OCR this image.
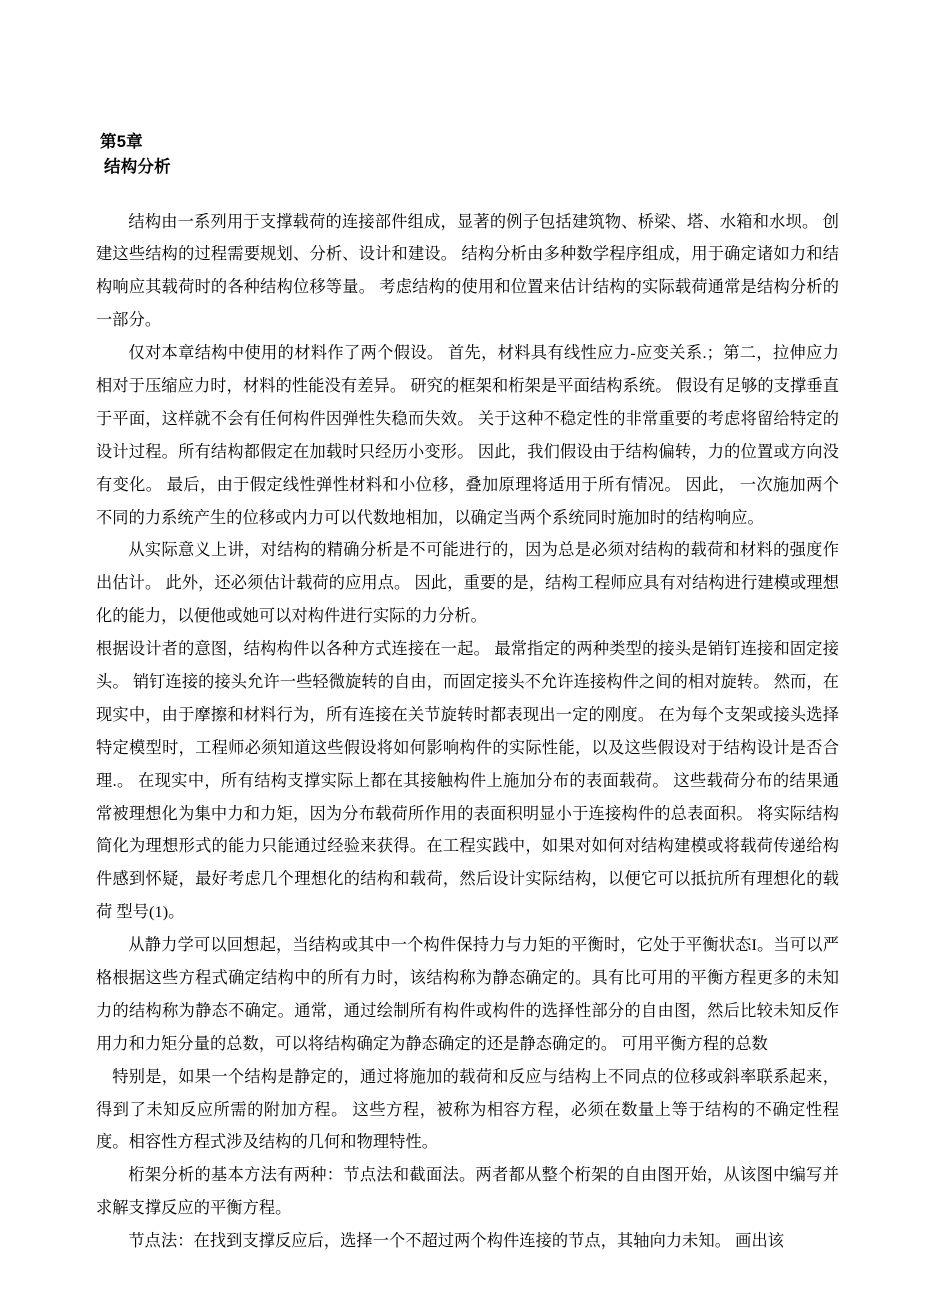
第5章
结构分析

结构由一系列用于支撑载荷的连接部件组成，显著的例子包括建筑物、桥梁、塔、水箱和水坝。 创建这些结构的过程需要规划、分析、设计和建设。 结构分析由多种数学程序组成，用于确定诸如力和结构响应其载荷时的各种结构位移等量。 考虑结构的使用和位置来估计结构的实际载荷通常是结构分析的一部分。

仅对本章结构中使用的材料作了两个假设。 首先，材料具有线性应力-应变关系.；第二，拉伸应力相对于压缩应力时，材料的性能没有差异。 研究的框架和桁架是平面结构系统。 假设有足够的支撑垂直于平面，这样就不会有任何构件因弹性失稳而失效。 关于这种不稳定性的非常重要的考虑将留给特定的设计过程。所有结构都假定在加载时只经历小变形。 因此，我们假设由于结构偏转，力的位置或方向没有变化。 最后，由于假定线性弹性材料和小位移，叠加原理将适用于所有情况。 因此， 一次施加两个不同的力系统产生的位移或内力可以代数地相加，以确定当两个系统同时施加时的结构响应。

从实际意义上讲，对结构的精确分析是不可能进行的，因为总是必须对结构的载荷和材料的强度作出估计。 此外，还必须估计载荷的应用点。 因此，重要的是，结构工程师应具有对结构进行建模或理想化的能力，以便他或她可以对构件进行实际的力分析。

根据设计者的意图，结构构件以各种方式连接在一起。 最常指定的两种类型的接头是销钉连接和固定接头。 销钉连接的接头允许一些轻微旋转的自由，而固定接头不允许连接构件之间的相对旋转。 然而，在现实中，由于摩擦和材料行为，所有连接在关节旋转时都表现出一定的刚度。 在为每个支架或接头选择特定模型时，工程师必须知道这些假设将如何影响构件的实际性能，以及这些假设对于结构设计是否合理.。 在现实中，所有结构支撑实际上都在其接触构件上施加分布的表面载荷。 这些载荷分布的结果通常被理想化为集中力和力矩，因为分布载荷所作用的表面积明显小于连接构件的总表面积。 将实际结构简化为理想形式的能力只能通过经验来获得。在工程实践中，如果对如何对结构建模或将载荷传递给构件感到怀疑，最好考虑几个理想化的结构和载荷，然后设计实际结构，以便它可以抵抗所有理想化的载荷 型号(1)。

从静力学可以回想起，当结构或其中一个构件保持力与力矩的平衡时，它处于平衡状态I。当可以严格根据这些方程式确定结构中的所有力时，该结构称为静态确定的。具有比可用的平衡方程更多的未知力的结构称为静态不确定。通常，通过绘制所有构件或构件的选择性部分的自由图，然后比较未知反作用力和力矩分量的总数，可以将结构确定为静态确定的还是静态确定的。 可用平衡方程的总数

特别是，如果一个结构是静定的，通过将施加的载荷和反应与结构上不同点的位移或斜率联系起来，得到了未知反应所需的附加方程。 这些方程，被称为相容方程，必须在数量上等于结构的不确定性程度。相容性方程式涉及结构的几何和物理特性。

桁架分析的基本方法有两种：节点法和截面法。两者都从整个桁架的自由图开始，从该图中编写并求解支撑反应的平衡方程。

节点法：在找到支撑反应后，选择一个不超过两个构件连接的节点，其轴向力未知。 画出该
